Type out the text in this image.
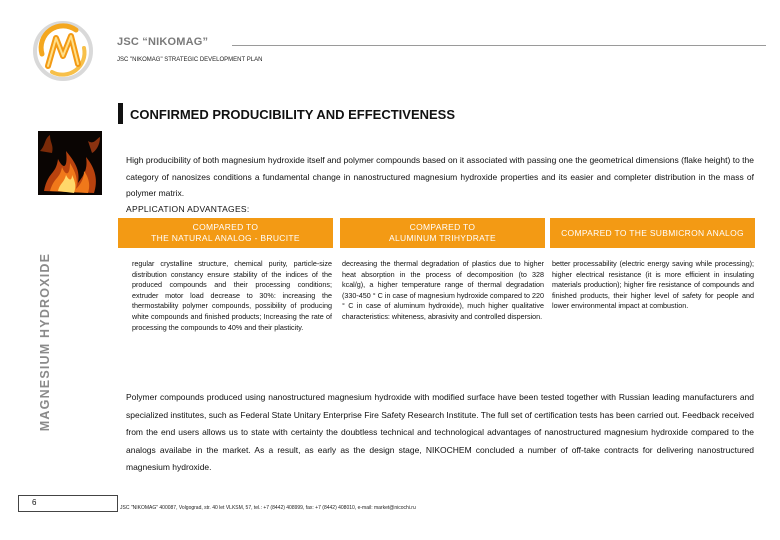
JSC “NIKOMAG”
JSC "NIKOMAG" STRATEGIC DEVELOPMENT PLAN
CONFIRMED PRODUCIBILITY AND EFFECTIVENESS
High producibility of both magnesium hydroxide itself and polymer compounds based on it associated with passing one the geometrical dimensions (flake height) to the category of nanosizes conditions a fundamental change in nanostructured magnesium hydroxide properties and its easier and completer distribution in the mass of polymer matrix.
APPLICATION ADVANTAGES:
MAGNESIUM HYDROXIDE
COMPARED TO
THE NATURAL ANALOG - BRUCITE
COMPARED TO
ALUMINUM TRIHYDRATE
COMPARED TO THE SUBMICRON ANALOG
regular crystalline structure, chemical purity, particle-size distribution constancy ensure stability of the indices of the produced compounds and their processing conditions; extruder motor load decrease to 30%: increasing the thermostability polymer compounds, possibility of producing white compounds and finished products; Increasing the rate of processing the compounds to 40% and their plasticity.
decreasing the thermal degradation of plastics due to higher heat absorption in the process of decomposition (to 328 kcal/g), a higher temperature range of thermal degradation (330-450 ° C in case of magnesium hydroxide compared to 220 ° C in case of aluminum hydroxide), much higher qualitative characteristics: whiteness, abrasivity and controlled dispersion.
better processability (electric energy saving while processing); higher electrical resistance (it is more efficient in insulating materials production); higher fire resistance of compounds and finished products, their higher level of safety for people and lower environmental impact at combustion.
Polymer compounds produced using nanostructured magnesium hydroxide with modified surface have been tested together with Russian leading manufacturers and specialized institutes, such as Federal State Unitary Enterprise Fire Safety Research Institute. The full set of certification tests has been carried out. Feedback received from the end users allows us to state with certainty the doubtless technical and technological advantages of nanostructured magnesium hydroxide compared to the analogs availabe in the market. As a result, as early as the design stage, NIKOCHEM concluded a number of off-take contracts for delivering nanostructured magnesium hydroxide.
6
JSC "NIKOMAG" 400087, Volgograd, str. 40 let VLKSM, 57, tel.: +7 (8442) 408999, fax: +7 (8442) 408010, e-mail: market@nicochi.ru
